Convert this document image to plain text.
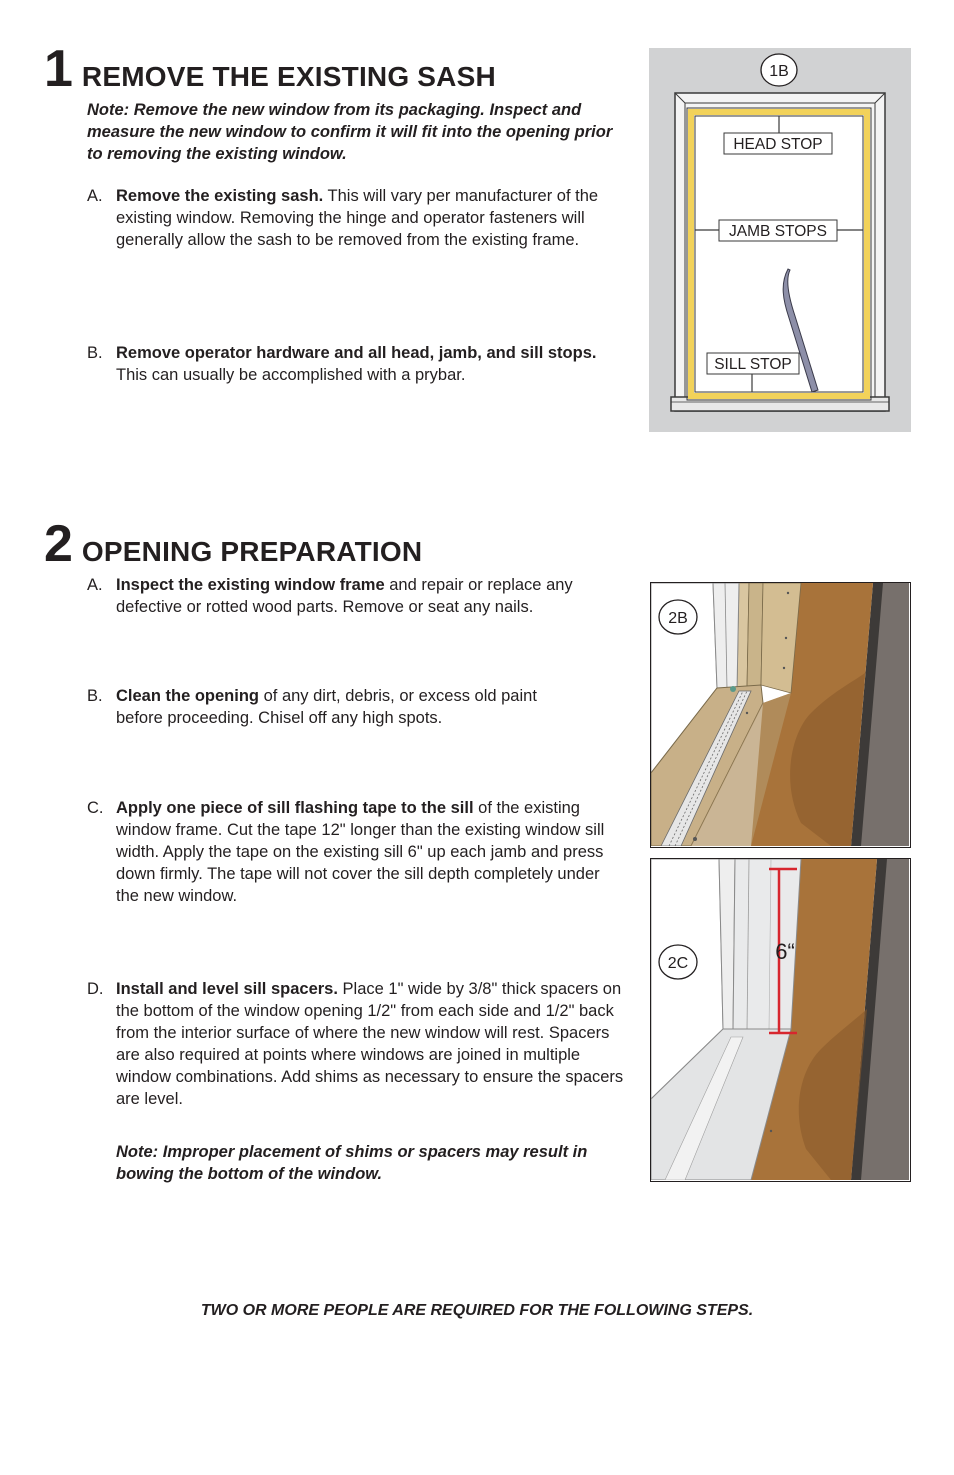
1 REMOVE THE EXISTING SASH
Note: Remove the new window from its packaging. Inspect and measure the new window to confirm it will fit into the opening prior to removing the existing window.
A. Remove the existing sash. This will vary per manufacturer of the existing window. Removing the hinge and operator fasteners will generally allow the sash to be removed from the existing frame.
B. Remove operator hardware and all head, jamb, and sill stops. This can usually be accomplished with a prybar.
HEAD STOP
JAMB STOPS
SILL STOP
1B
2 OPENING PREPARATION
A. Inspect the existing window frame and repair or replace any defective or rotted wood parts. Remove or seat any nails.
B. Clean the opening of any dirt, debris, or excess old paint before proceeding. Chisel off any high spots.
C. Apply one piece of sill flashing tape to the sill of the existing window frame. Cut the tape 12" longer than the existing window sill width. Apply the tape on the existing sill 6" up each jamb and press down firmly. The tape will not cover the sill depth completely under the new window.
D. Install and level sill spacers. Place 1" wide by 3/8" thick spacers on the bottom of the window opening 1/2" from each side and 1/2" back from the interior surface of where the new window will rest. Spacers are also required at points where windows are joined in multiple window combinations. Add shims as necessary to ensure the spacers are level.
Note: Improper placement of shims or spacers may result in bowing the bottom of the window.
2B
6“
2C
TWO OR MORE PEOPLE ARE REQUIRED FOR THE FOLLOWING STEPS.
